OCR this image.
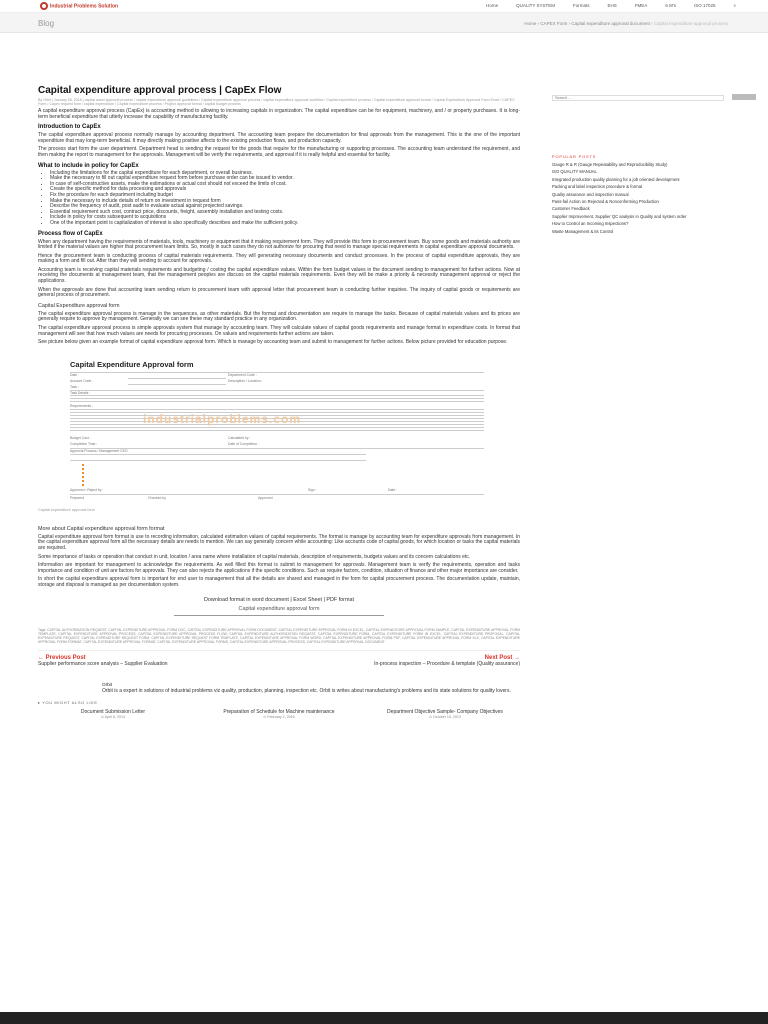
Industrial Problems Solution	Home	QUALITY SYSTEM	Formats	EHS	FMEA	6 M's	ISO 17025	⌕
Blog	Home › CAPEX Form › Capital expenditure approval document › Capital expenditure approval process
Capital expenditure approval process | CapEx Flow
By Orbit | January 28, 2018 | capital asset approval process / capital expenditure approval guidelines / Capital expenditure approval process / capital expenditure approval workflow / Capital expenditure process / Capital expenditure approval format / Capital Expenditure Approval Form Excel / CAPEX Form / Capex request form / capital expenditure / Capital expenditure process / Project approval format / capital budget process

A capital expenditure approval process (CapEx) is accounting method to allowing to increasing capitals in organization. The capital expenditure can be for equipment, machinery, and / or property purchases. It is long-term beneficial expenditure that utterly increase the capability of manufacturing facility.

Introduction to CapEx

The capital expenditure approval process normally manage by accounting department. The accounting team prepare the documentation for final approvals from the management. This is the one of the important expenditure that may long-term beneficial. It may directly making positive affects to the existing production flows, and production capacity.

The process start form the user department. Department head is sending the request for the goods that require for the manufacturing or supporting processes. The accounting team understand the requirement, and then making the report to management for the approvals. Management will be verify the requirements, and approval if it is really helpful and essential for facility.

What to include in policy for CapEx
• Including the limitations for the capital expenditure for each department, or overall business.
• Make the necessary to fill out capital expenditure request form before purchase order can be issued to vendor.
• In case of self-constructive assets, make the estimations or actual cost should not exceed the limits of cost.
• Create the specific method for data processing and approvals
• Fix the procedure for each department including budget
• Make the necessary to include details of return on investment in request form
• Describe the frequency of audit, post audit to evaluate actual against projected savings.
• Essential requirement such cost, contract price, discounts, freight, assembly installation and testing costs.
• Include in policy for costs subsequent to acquisitions
• One of the important point is capitalization of interest is also specifically describes and make the sufficient policy.
Process flow of CapEx

When any department having the requirements of materials, tools, machinery or equipment that it making requirement form. They will provide this form to procurement team. Buy some goods and materials authority are limited if the material values are higher that procurement team limits. So, mostly in such cases they do not authorize for procuring that need to manage special requirements in capital expenditure approval documents.

Hence the procurement team is conducting process of capital materials requirements. They will generating necessary documents and conduct processes. In the process of capital expenditure approvals, they are making a form and fill out. After than they will sending to account for approvals.

Accounting team is receiving capital materials requirements and budgeting / costing the capital expenditure values. Within the form budget values in the document sending to management for further actions. Now at receiving the documents at management team, that the management peoples are discuss on the capital materials requirements. Even they will be make a priority & necessity management approval or reject the applications.

When the approvals are done that accounting team sending return to procurement team with approval letter that procurement team is conducting further inquiries. The inquiry of capital goods or requirements are general process of procurement.

Capital Expenditure approval form

The capital expenditure approval process is manage in the sequences, as other materials. But the format and documentation are require to manage the tasks. Because of capital materials values and its prices are generally require to approve by management. Generally we can see these may standard practice in any organization.

The capital expenditure approval process is simple approvals system that manage by accounting team. They will calculate values of capital goods requirements and manage format in expenditure costs. In format that management will see that how much values are needs for procuring processes. On values and requirements further actions are taken.

See picture below given an example format of capital expenditure approval form. Which is manage by accounting team and submit to management for further actions. Below picture provided for education purpose.

Capital Expenditure Approval form
Date :	Department Code :
Account Code :	Description / Location :
Task :
Task Details :
Requirements :
industrialproblems.com
Budget Cost :	Calculated by :
Completion Time :	Date of Completion :
Approval Process / Management CEO
Approved / Reject by :	Sign :	Date :
Prepared	Checked by	Approved
Capital expenditure approval form
More about Capital expenditure approval form format

Capital expenditure approval form format is use to recording information, calculated estimation values of capital requirements. The format is manage by accounting team for expenditure approvals from management. In the capital expenditure approval form all the necessary details are needs to mention. We can say generally concern while accounting: Like accounts code of capital goods, for which location or tasks the capital materials are required.

Some importance of tasks or operation that conduct in unit, location / area name where installation of capital materials, description of requirements, budgets values and its concern calculations etc.

Information are important for management to acknowledge the requirements. As well filled this format is submit to management for approvals. Management team is verify the requirements, operation and tasks importance and condition of unit are factors for approvals. They can also rejects the applications if the specific conditions. Such as require factors, condition, situation of finance and other major importance are consider.

In short the capital expenditure approval form is important for end user to management that all the details are shared and managed in the form for capital procurement process. The documentation update, maintain, storage and disposal is managed as per documentation system.

Download format in word document | Excel Sheet | PDF format
Capital expenditure approval form
Tags: CAPITAL AUTHORISATION REQUEST, CAPITAL EXPENDITURE APPROVAL FORM DOC, CAPITAL EXPENDITURE APPROVAL FORM DOCUMENT, CAPITAL EXPENDITURE APPROVAL FORM IN EXCEL, CAPITAL EXPENDITURE APPROVAL FORM SAMPLE, CAPITAL EXPENDITURE APPROVAL FORM TEMPLATE, CAPITAL EXPENDITURE APPROVAL PROCESS, CAPITAL EXPENDITURE APPROVAL PROCESS FLOW, CAPITAL EXPENDITURE AUTHORIZATION REQUEST, CAPITAL EXPENDITURE FORM, CAPITAL EXPENDITURE FORM IN EXCEL, CAPITAL EXPENDITURE PROPOSAL, CAPITAL EXPENDITURE REQUEST, CAPITAL EXPENDITURE REQUEST FORM, CAPITAL EXPENDITURE REQUEST FORM TEMPLATE, CAPITAL EXPENDITURE APPROVAL FORM WORD, CAPITAL EXPENDITURE APPROVAL FORM PDF, CAPITAL EXPENDITURE APPROVAL FORM XLS, CAPITAL EXPENDITURE APPROVAL FORM FORMAT, CAPITAL EXPENDITURE APPROVAL FORMAT, CAPITAL EXPENDITURE APPROVAL FORMS, CAPITAL EXPENDITURE APPROVAL PROCESS, CAPITAL EXPENDITURE APPROVAL DOCUMENT
← Previous Post
Supplier performance score analysis – Supplier Evaluation
Next Post →
In-process inspection – Procedure & template (Quality assurance)
Orbit

Orbit is a expert in solutions of industrial problems viz quality, production, planning, inspection etc. Orbit is writes about manufacturing's problems and its state solutions for quality lovers.

▸ YOU MIGHT ALSO LIKE
Document Submission Letter
⊙ April 6, 2014
Preparation of Schedule for Machine maintenance
⊙ February 2, 2016
Department Objective Sample- Company Objectives
⊙ October 15, 2013
Search ...
POPULAR POSTS
Gauge R & R (Gauge Repeatability and Reproducibility Study)
ISO QUALITY MANUAL
Integrated production quality planning for a job oriented development
Packing and label inspection procedure & format
Quality assurance and inspection manual
Pass-fail Action on Rejected & Nonconforming Production
Customer Feedback
Supplier Improvement, Supplier QC analysis in Quality and system order
How to Control an Incoming Inspections?
Waste Management & its Control
